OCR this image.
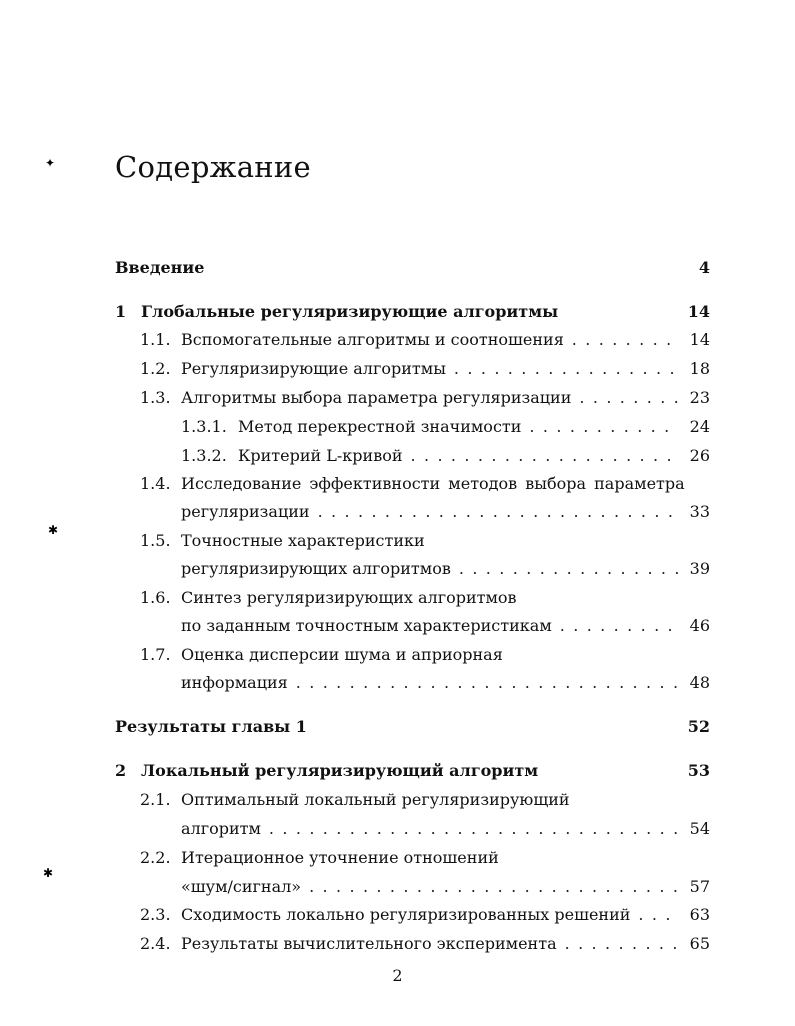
Содержание
Введение	4
1 Глобальные регуляризирующие алгоритмы	14
1.1. Вспомогательные алгоритмы и соотношения . . .	14
1.2. Регуляризирующие алгоритмы . . .	18
1.3. Алгоритмы выбора параметра регуляризации . . .	23
1.3.1. Метод перекрестной значимости . . .	24
1.3.2. Критерий L-кривой . . .	26
1.4. Исследование эффективности методов выбора параметра
регуляризации . . .	33
1.5. Точностные характеристики
регуляризирующих алгоритмов . . .	39
1.6. Синтез регуляризирующих алгоритмов
по заданным точностным характеристикам . . .	46
1.7. Оценка дисперсии шума и априорная
информация . . .	48
Результаты главы 1	52
2 Локальный регуляризирующий алгоритм	53
2.1. Оптимальный локальный регуляризирующий
алгоритм . . .	54
2.2. Итерационное уточнение отношений
«шум/сигнал» . . .	57
2.3. Сходимость локально регуляризированных решений . . .	63
2.4. Результаты вычислительного эксперимента . . .	65
2
✦
✱
✱
